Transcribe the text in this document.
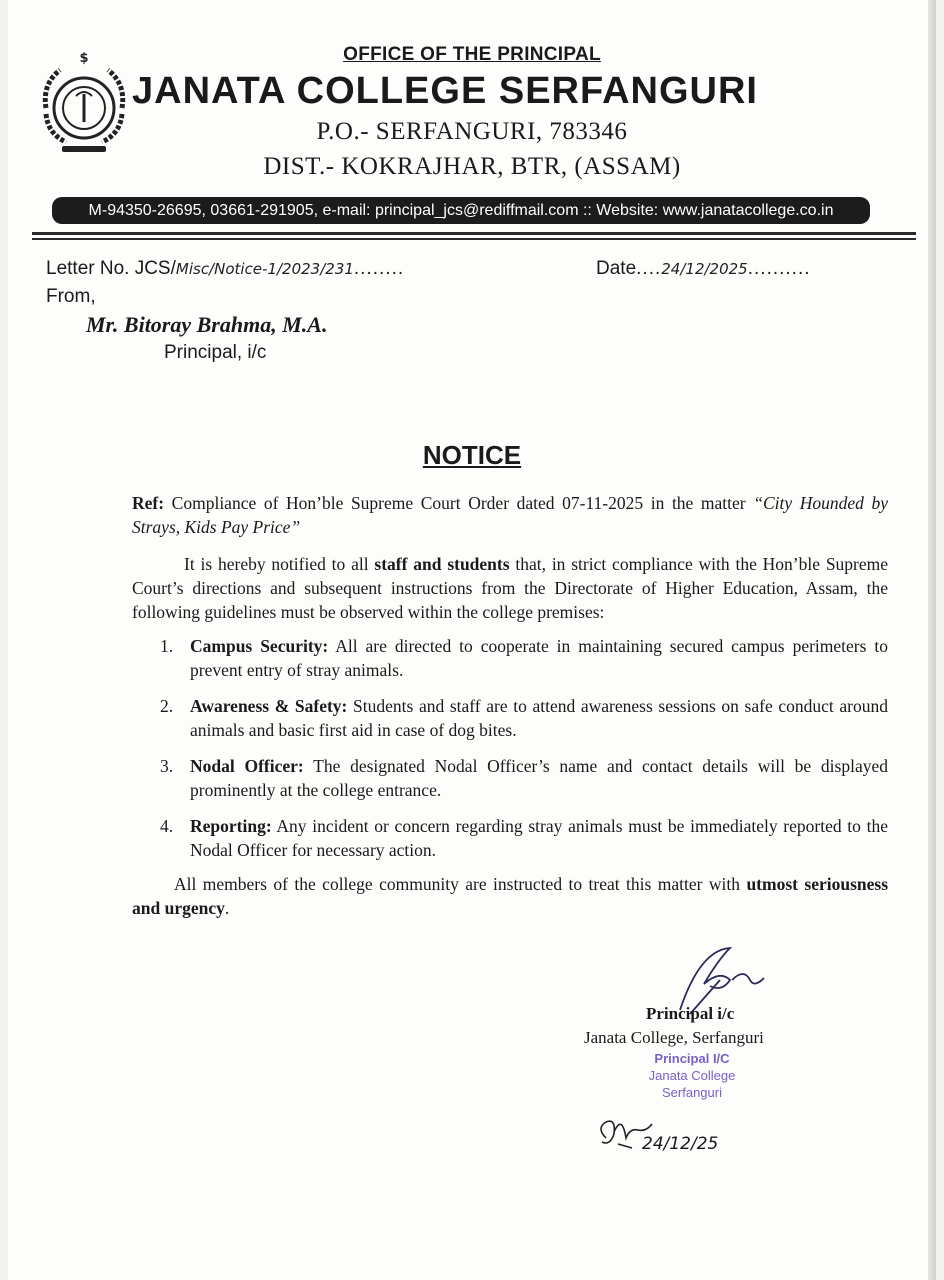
$	OFFICE OF THE PRINCIPAL
JANATA COLLEGE SERFANGURI
P.O.- SERFANGURI, 783346
DIST.- KOKRAJHAR, BTR, (ASSAM)
M-94350-26695, 03661-291905, e-mail: principal_jcs@rediffmail.com :: Website: www.janatacollege.co.in
Letter No. JCS/Misc/Notice-1/2023/231........	Date....24/12/2025..........
From,
Mr. Bitoray Brahma, M.A.
Principal, i/c
NOTICE
Ref: Compliance of Hon’ble Supreme Court Order dated 07-11-2025 in the matter “City Hounded by Strays, Kids Pay Price”
It is hereby notified to all staff and students that, in strict compliance with the Hon’ble Supreme Court’s directions and subsequent instructions from the Directorate of Higher Education, Assam, the following guidelines must be observed within the college premises:
1. Campus Security: All are directed to cooperate in maintaining secured campus perimeters to prevent entry of stray animals.
2. Awareness & Safety: Students and staff are to attend awareness sessions on safe conduct around animals and basic first aid in case of dog bites.
3. Nodal Officer: The designated Nodal Officer’s name and contact details will be displayed prominently at the college entrance.
4. Reporting: Any incident or concern regarding stray animals must be immediately reported to the Nodal Officer for necessary action.
All members of the college community are instructed to treat this matter with utmost seriousness and urgency.
Principal i/c
Janata College, Serfanguri
Principal I/C
Janata College
Serfanguri
24/12/25
